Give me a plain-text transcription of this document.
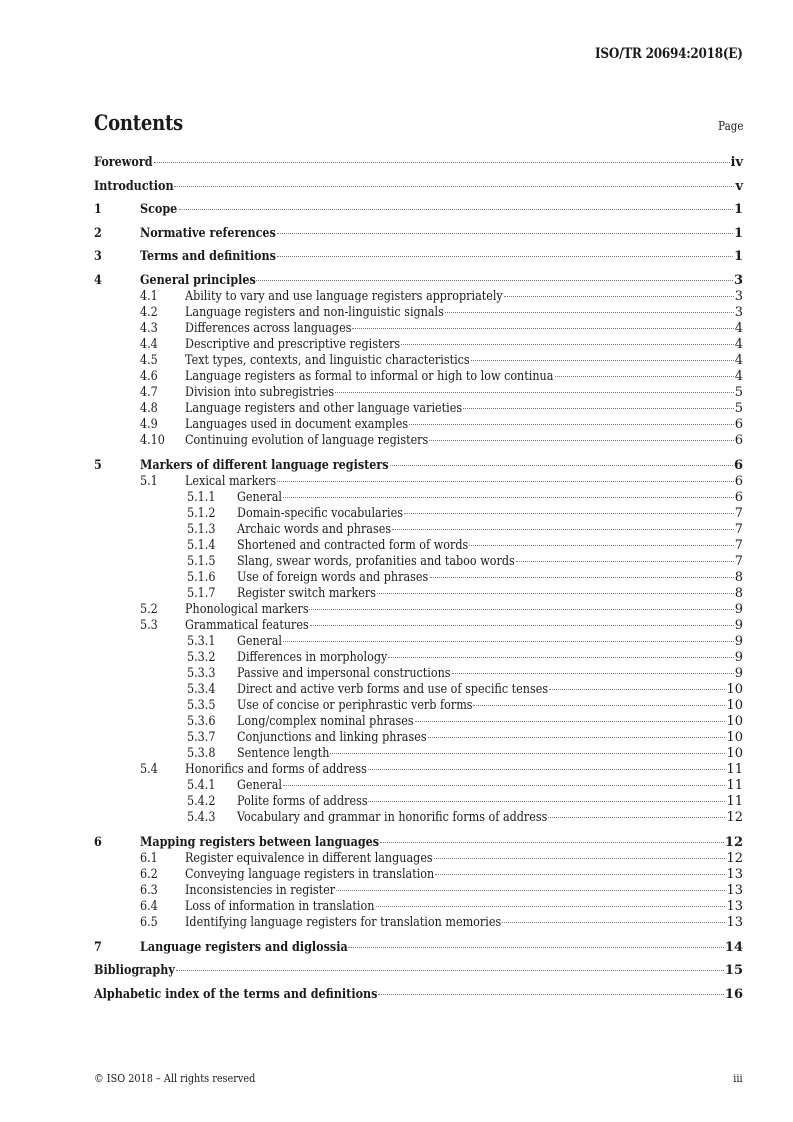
ISO/TR 20694:2018(E)
Contents	Page
Foreword	iv
Introduction	v
1	Scope	1
2	Normative references	1
3	Terms and definitions	1
4	General principles	3
4.1 Ability to vary and use language registers appropriately	3
4.2 Language registers and non-linguistic signals	3
4.3 Differences across languages	4
4.4 Descriptive and prescriptive registers	4
4.5 Text types, contexts, and linguistic characteristics	4
4.6 Language registers as formal to informal or high to low continua	4
4.7 Division into subregistries	5
4.8 Language registers and other language varieties	5
4.9 Languages used in document examples	6
4.10 Continuing evolution of language registers	6
5	Markers of different language registers	6
5.1 Lexical markers	6
5.1.1 General	6
5.1.2 Domain-specific vocabularies	7
5.1.3 Archaic words and phrases	7
5.1.4 Shortened and contracted form of words	7
5.1.5 Slang, swear words, profanities and taboo words	7
5.1.6 Use of foreign words and phrases	8
5.1.7 Register switch markers	8
5.2 Phonological markers	9
5.3 Grammatical features	9
5.3.1 General	9
5.3.2 Differences in morphology	9
5.3.3 Passive and impersonal constructions	9
5.3.4 Direct and active verb forms and use of specific tenses	10
5.3.5 Use of concise or periphrastic verb forms	10
5.3.6 Long/complex nominal phrases	10
5.3.7 Conjunctions and linking phrases	10
5.3.8 Sentence length	10
5.4 Honorifics and forms of address	11
5.4.1 General	11
5.4.2 Polite forms of address	11
5.4.3 Vocabulary and grammar in honorific forms of address	12
6	Mapping registers between languages	12
6.1 Register equivalence in different languages	12
6.2 Conveying language registers in translation	13
6.3 Inconsistencies in register	13
6.4 Loss of information in translation	13
6.5 Identifying language registers for translation memories	13
7	Language registers and diglossia	14
Bibliography	15
Alphabetic index of the terms and definitions	16
© ISO 2018 – All rights reserved	iii
